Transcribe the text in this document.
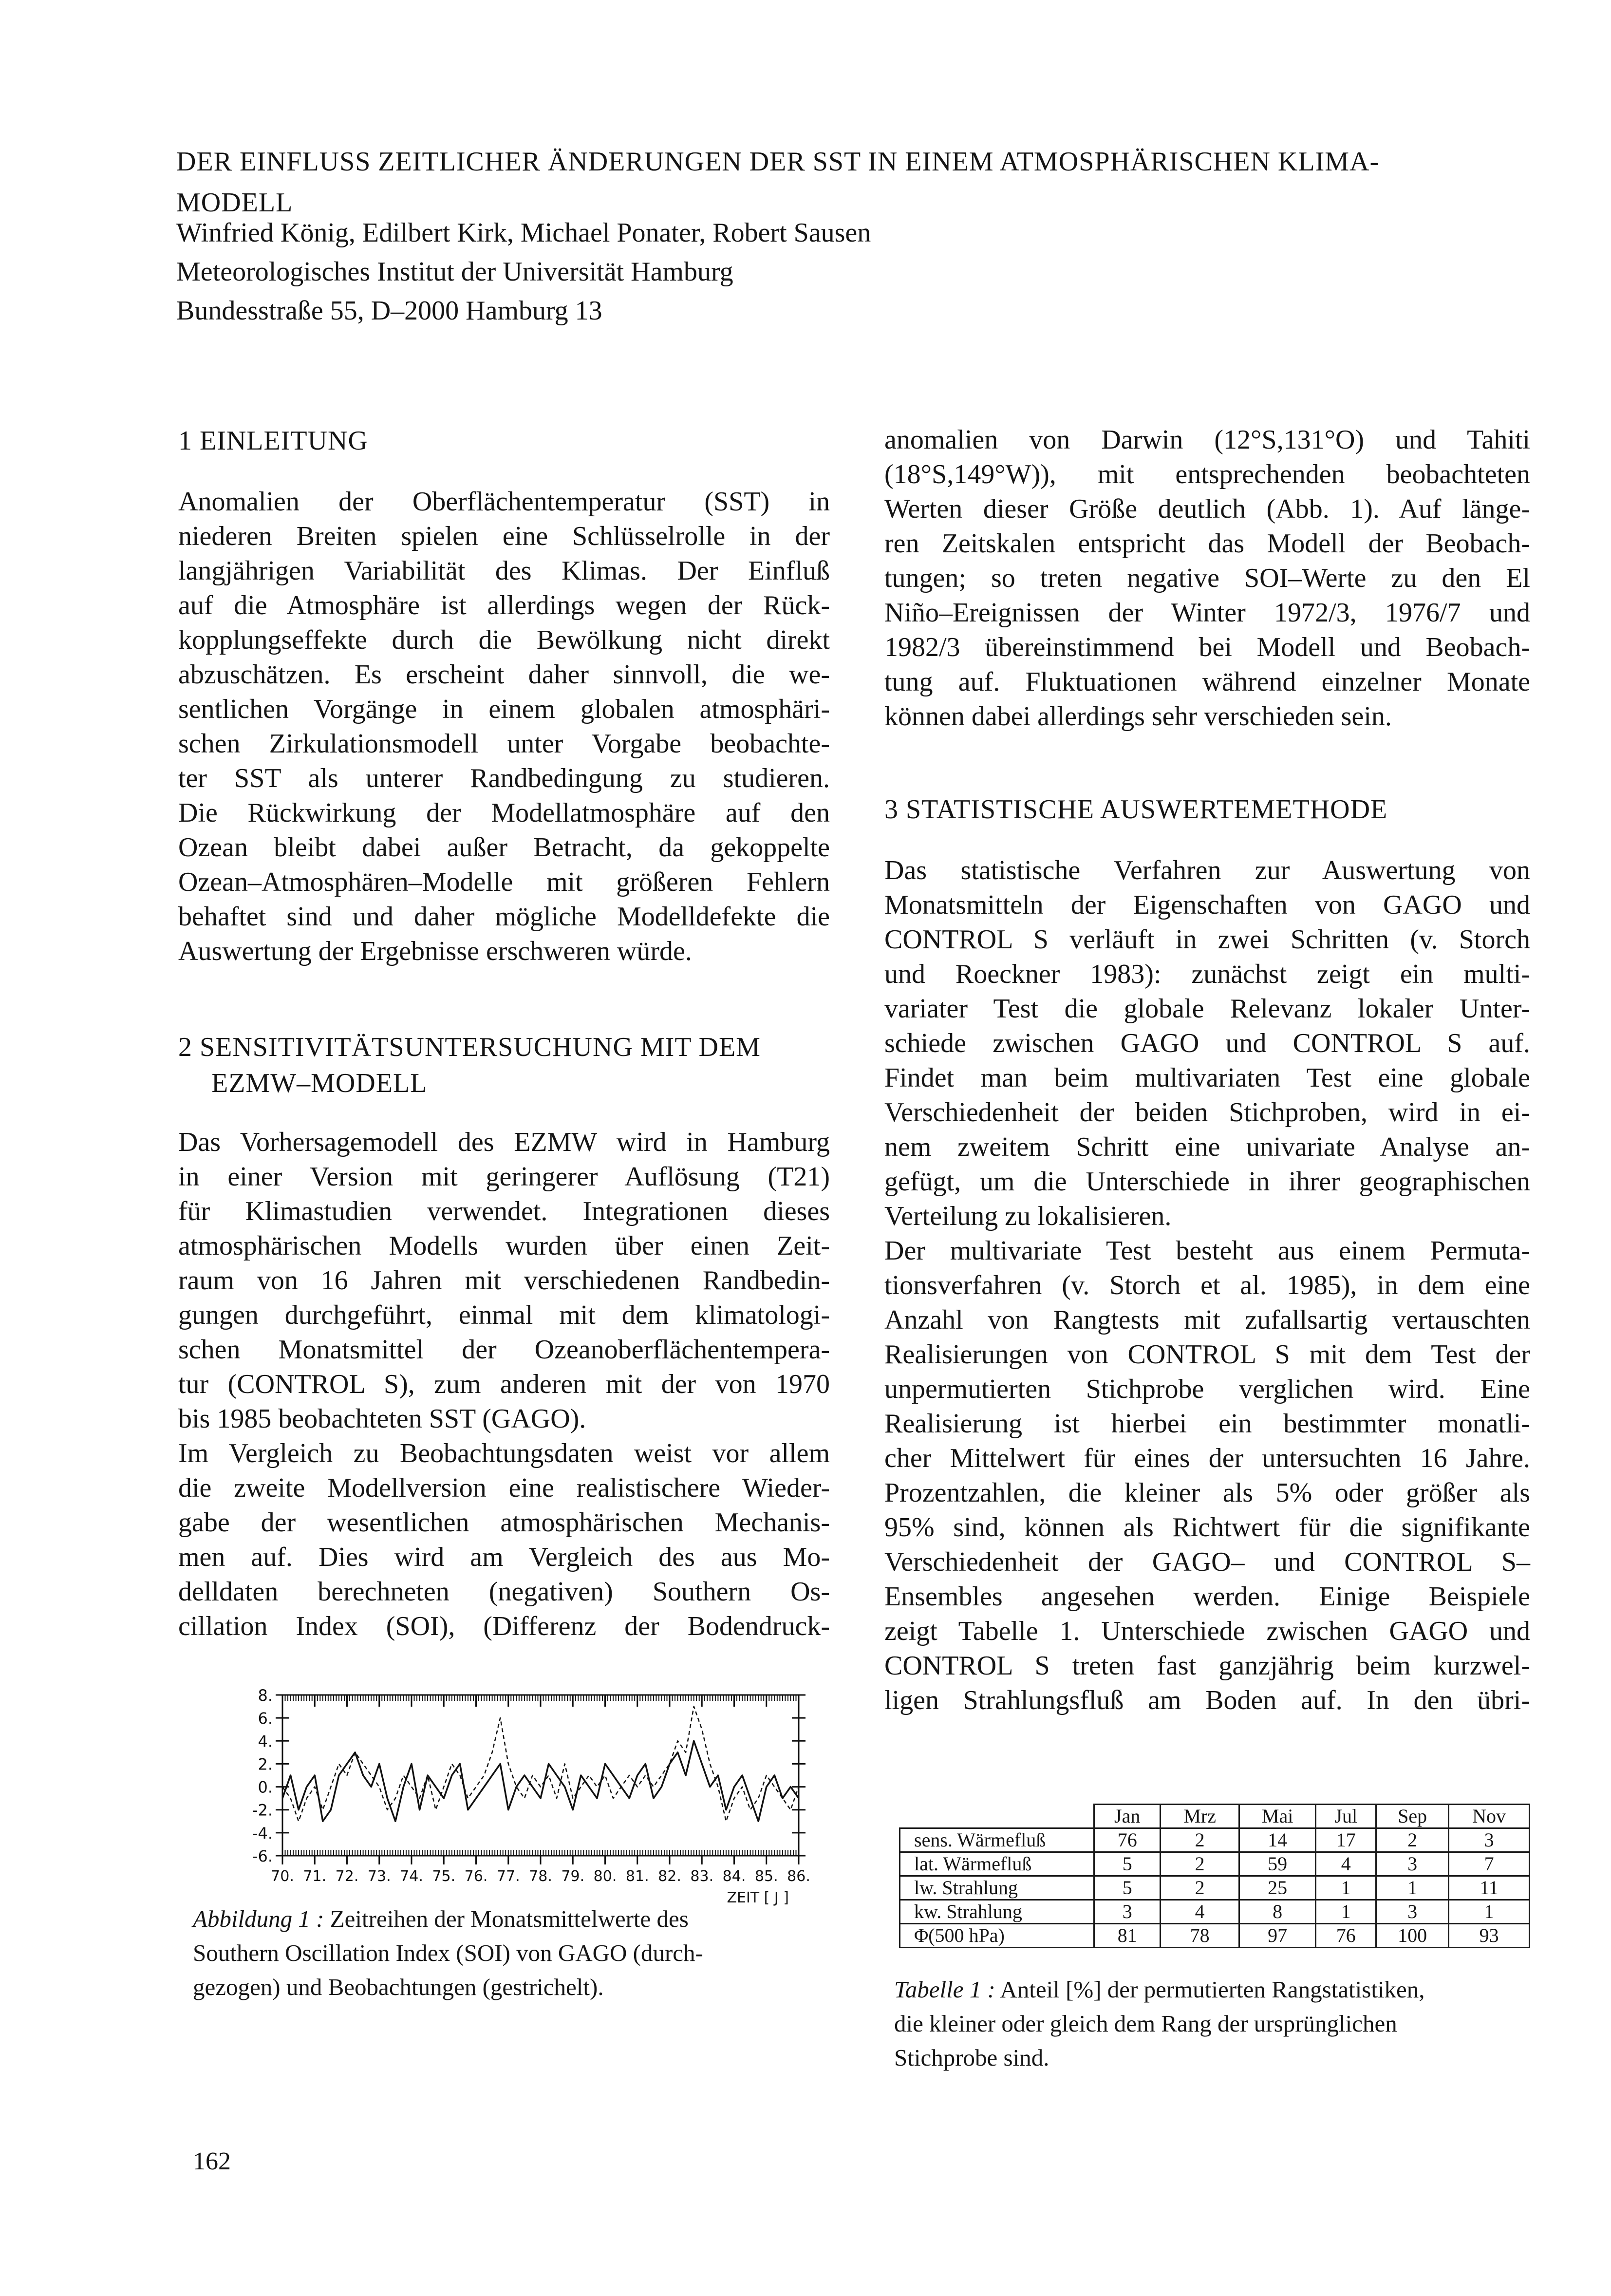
DER EINFLUSS ZEITLICHER ÄNDERUNGEN DER SST IN EINEM ATMOSPHÄRISCHEN KLIMA-
MODELL
Winfried König, Edilbert Kirk, Michael Ponater, Robert Sausen
Meteorologisches Institut der Universität Hamburg
Bundesstraße 55, D–2000 Hamburg 13
1 EINLEITUNG
Anomalien der Oberflächentemperatur (SST) in
niederen Breiten spielen eine Schlüsselrolle in der
langjährigen Variabilität des Klimas. Der Einfluß
auf die Atmosphäre ist allerdings wegen der Rück-
kopplungseffekte durch die Bewölkung nicht direkt
abzuschätzen. Es erscheint daher sinnvoll, die we-
sentlichen Vorgänge in einem globalen atmosphäri-
schen Zirkulationsmodell unter Vorgabe beobachte-
ter SST als unterer Randbedingung zu studieren.
Die Rückwirkung der Modellatmosphäre auf den
Ozean bleibt dabei außer Betracht, da gekoppelte
Ozean–Atmosphären–Modelle mit größeren Fehlern
behaftet sind und daher mögliche Modelldefekte die
Auswertung der Ergebnisse erschweren würde.
2 SENSITIVITÄTSUNTERSUCHUNG MIT DEM
EZMW–MODELL
Das Vorhersagemodell des EZMW wird in Hamburg
in einer Version mit geringerer Auflösung (T21)
für Klimastudien verwendet. Integrationen dieses
atmosphärischen Modells wurden über einen Zeit-
raum von 16 Jahren mit verschiedenen Randbedin-
gungen durchgeführt, einmal mit dem klimatologi-
schen Monatsmittel der Ozeanoberflächentempera-
tur (CONTROL S), zum anderen mit der von 1970
bis 1985 beobachteten SST (GAGO).
Im Vergleich zu Beobachtungsdaten weist vor allem
die zweite Modellversion eine realistischere Wieder-
gabe der wesentlichen atmosphärischen Mechanis-
men auf. Dies wird am Vergleich des aus Mo-
delldaten berechneten (negativen) Southern Os-
cillation Index (SOI), (Differenz der Bodendruck-
8.
6.
4.
2.
0.
-2.
-4.
-6.
70. 71. 72. 73. 74. 75. 76. 77. 78. 79. 80. 81. 82. 83. 84. 85. 86.
ZEIT [ J ]
Abbildung 1 : Zeitreihen der Monatsmittelwerte des
Southern Oscillation Index (SOI) von GAGO (durch-
gezogen) und Beobachtungen (gestrichelt).
anomalien von Darwin (12°S,131°O) und Tahiti
(18°S,149°W)), mit entsprechenden beobachteten
Werten dieser Größe deutlich (Abb. 1). Auf länge-
ren Zeitskalen entspricht das Modell der Beobach-
tungen; so treten negative SOI–Werte zu den El
Niño–Ereignissen der Winter 1972/3, 1976/7 und
1982/3 übereinstimmend bei Modell und Beobach-
tung auf. Fluktuationen während einzelner Monate
können dabei allerdings sehr verschieden sein.
3 STATISTISCHE AUSWERTEMETHODE
Das statistische Verfahren zur Auswertung von
Monatsmitteln der Eigenschaften von GAGO und
CONTROL S verläuft in zwei Schritten (v. Storch
und Roeckner 1983): zunächst zeigt ein multi-
variater Test die globale Relevanz lokaler Unter-
schiede zwischen GAGO und CONTROL S auf.
Findet man beim multivariaten Test eine globale
Verschiedenheit der beiden Stichproben, wird in ei-
nem zweitem Schritt eine univariate Analyse an-
gefügt, um die Unterschiede in ihrer geographischen
Verteilung zu lokalisieren.
Der multivariate Test besteht aus einem Permuta-
tionsverfahren (v. Storch et al. 1985), in dem eine
Anzahl von Rangtests mit zufallsartig vertauschten
Realisierungen von CONTROL S mit dem Test der
unpermutierten Stichprobe verglichen wird. Eine
Realisierung ist hierbei ein bestimmter monatli-
cher Mittelwert für eines der untersuchten 16 Jahre.
Prozentzahlen, die kleiner als 5% oder größer als
95% sind, können als Richtwert für die signifikante
Verschiedenheit der GAGO– und CONTROL S–
Ensembles angesehen werden. Einige Beispiele
zeigt Tabelle 1. Unterschiede zwischen GAGO und
CONTROL S treten fast ganzjährig beim kurzwel-
ligen Strahlungsfluß am Boden auf. In den übri-
	Jan	Mrz	Mai	Jul	Sep	Nov
sens. Wärmefluß	76	2	14	17	2	3
lat. Wärmefluß	5	2	59	4	3	7
lw. Strahlung	5	2	25	1	1	11
kw. Strahlung	3	4	8	1	3	1
Φ(500 hPa)	81	78	97	76	100	93
Tabelle 1 : Anteil [%] der permutierten Rangstatistiken,
die kleiner oder gleich dem Rang der ursprünglichen
Stichprobe sind.
162
